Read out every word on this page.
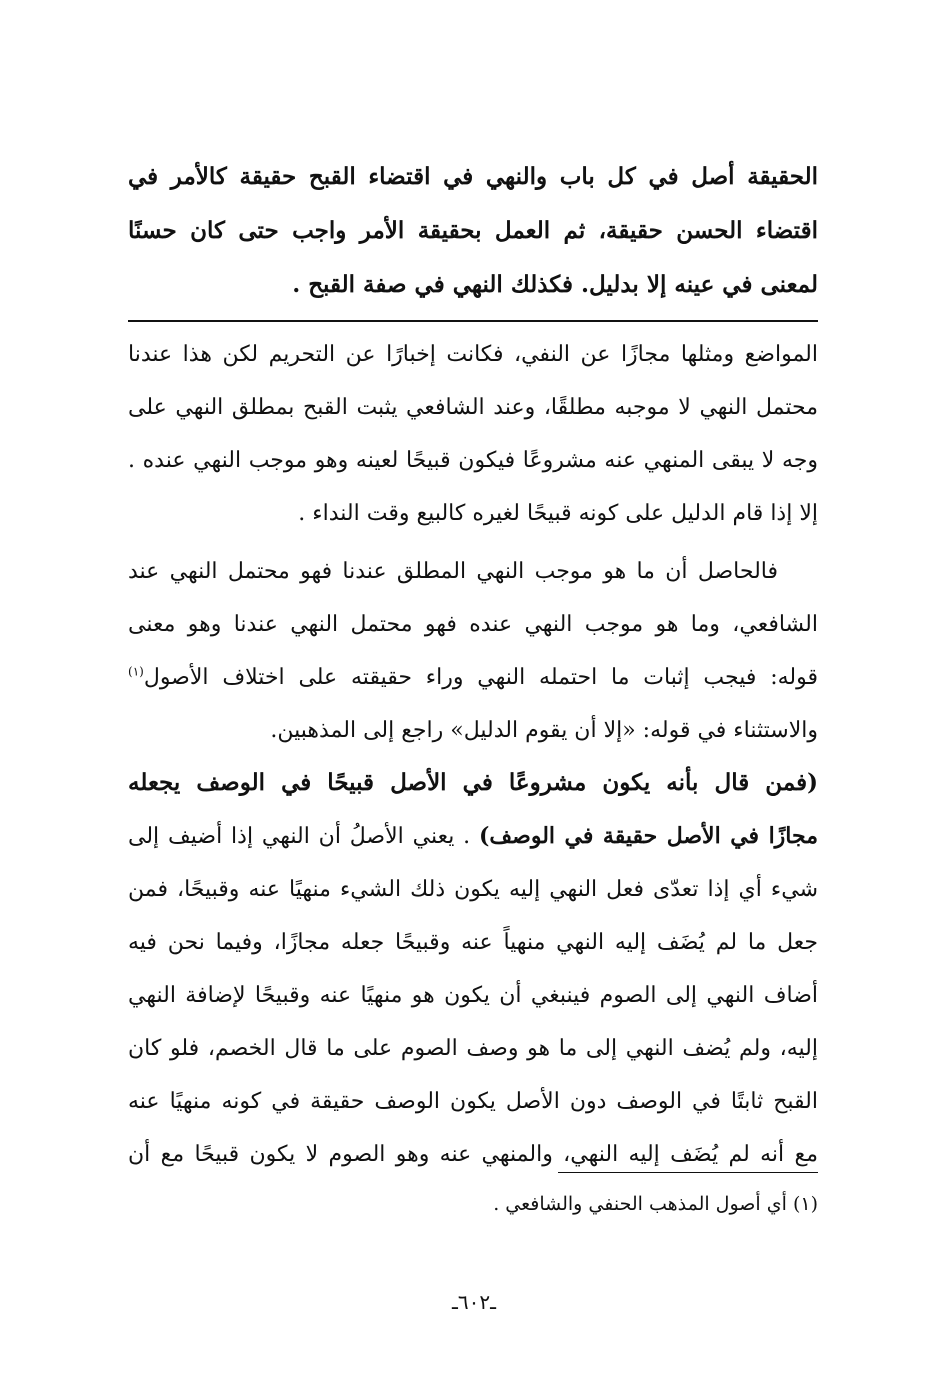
الحقيقة أصل في كل باب والنهي في اقتضاء القبح حقيقة كالأمر في
اقتضاء الحسن حقيقة، ثم العمل بحقيقة الأمر واجب حتى كان حسنًا
لمعنى في عينه إلا بدليل. فكذلك النهي في صفة القبح .
المواضع ومثلها مجازًا عن النفي، فكانت إخبارًا عن التحريم لكن هذا عندنا
محتمل النهي لا موجبه مطلقًا، وعند الشافعي يثبت القبح بمطلق النهي على
وجه لا يبقى المنهي عنه مشروعًا فيكون قبيحًا لعينه وهو موجب النهي عنده .
إلا إذا قام الدليل على كونه قبيحًا لغيره كالبيع وقت النداء .
فالحاصل أن ما هو موجب النهي المطلق عندنا فهو محتمل النهي عند
الشافعي، وما هو موجب النهي عنده فهو محتمل النهي عندنا وهو معنى
قوله: فيجب إثبات ما احتمله النهي وراء حقيقته على اختلاف الأصول$^{(١)}$
والاستثناء في قوله: «إلا أن يقوم الدليل» راجع إلى المذهبين.
(فمن قال بأنه يكون مشروعًا في الأصل قبيحًا في الوصف يجعله
مجازًا في الأصل حقيقة في الوصف) . يعني الأصلُ أن النهي إذا أضيف إلى
شيء أي إذا تعدّى فعل النهي إليه يكون ذلك الشيء منهيًا عنه وقبيحًا، فمن
جعل ما لم يُضَف إليه النهي منهياً عنه وقبيحًا جعله مجازًا، وفيما نحن فيه
أضاف النهي إلى الصوم فينبغي أن يكون هو منهيًا عنه وقبيحًا لإضافة النهي
إليه، ولم يُضف النهي إلى ما هو وصف الصوم على ما قال الخصم، فلو كان
القبح ثابتًا في الوصف دون الأصل يكون الوصف حقيقة في كونه منهيًا عنه
مع أنه لم يُضَف إليه النهي، والمنهي عنه وهو الصوم لا يكون قبيحًا مع أن
(١) أي أصول المذهب الحنفي والشافعي .
ـ٦٠٢ـ
